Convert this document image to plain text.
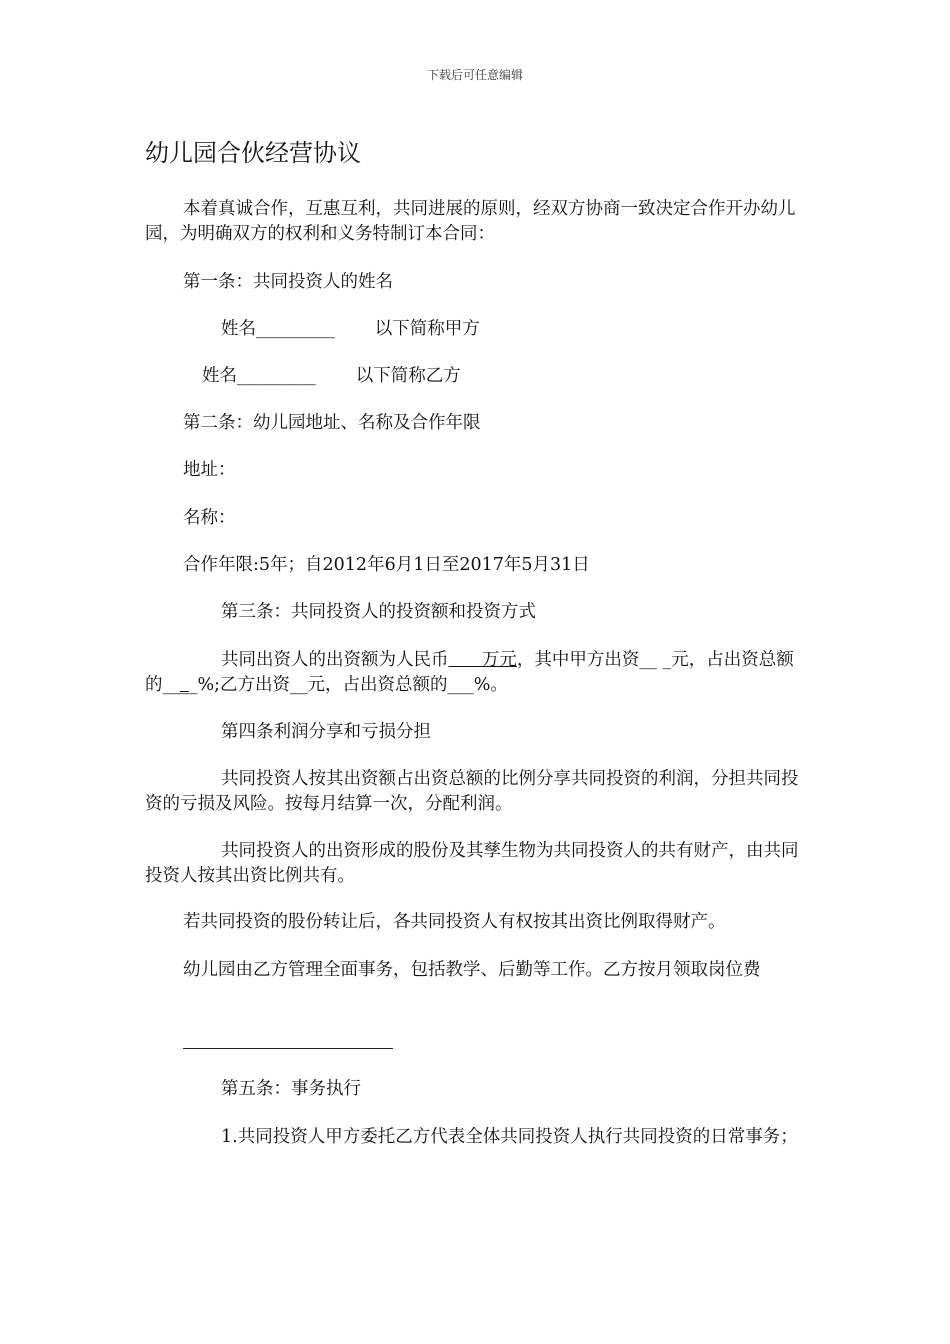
下载后可任意编辑
幼儿园合伙经营协议

本着真诚合作，互惠互利，共同进展的原则，经双方协商一致决定合作开办幼儿园，为明确双方的权利和义务特制订本合同：

第一条：共同投资人的姓名

姓名_________ 以下简称甲方

姓名_________ 以下简称乙方

第二条：幼儿园地址、名称及合作年限

地址：

名称：

合作年限:5年；自2012年6月1日至2017年5月31日

第三条：共同投资人的投资额和投资方式

共同出资人的出资额为人民币 万元，其中甲方出资__ _元，占出资总额的____%;乙方出资__元，占出资总额的___%。

第四条利润分享和亏损分担

共同投资人按其出资额占出资总额的比例分享共同投资的利润，分担共同投资的亏损及风险。按每月结算一次，分配利润。

共同投资人的出资形成的股份及其孳生物为共同投资人的共有财产，由共同投资人按其出资比例共有。

若共同投资的股份转让后，各共同投资人有权按其出资比例取得财产。

幼儿园由乙方管理全面事务，包括教学、后勤等工作。乙方按月领取岗位费

第五条：事务执行

1.共同投资人甲方委托乙方代表全体共同投资人执行共同投资的日常事务；
